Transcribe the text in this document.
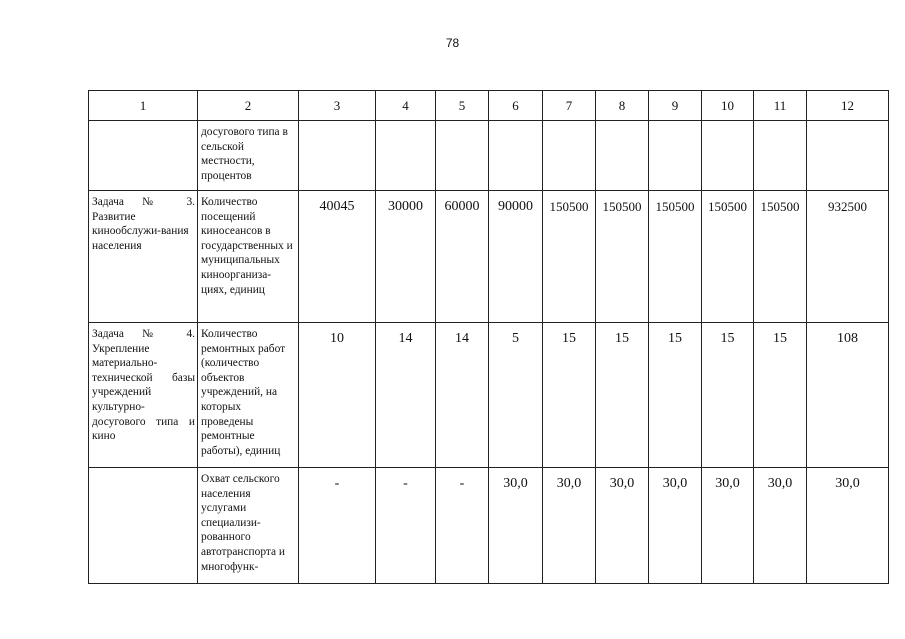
78
1	2	3	4	5	6	7	8	9	10	11	12
	досугового типа в сельской местности, процентов										
Задача № 3. Развитие кинообслужи-вания населения	Количество посещений киносеансов в государственных и муниципальных киноорганиза-циях, единиц	40045	30000	60000	90000	150500	150500	150500	150500	150500	932500
Задача № 4. Укрепление материально-технической базы учреждений культурно-досугового типа и кино	Количество ремонтных работ (количество объектов учреждений, на которых проведены ремонтные работы), единиц	10	14	14	5	15	15	15	15	15	108
	Охват сельского населения услугами специализи-рованного автотранспорта и многофунк-	-	-	-	30,0	30,0	30,0	30,0	30,0	30,0	30,0
